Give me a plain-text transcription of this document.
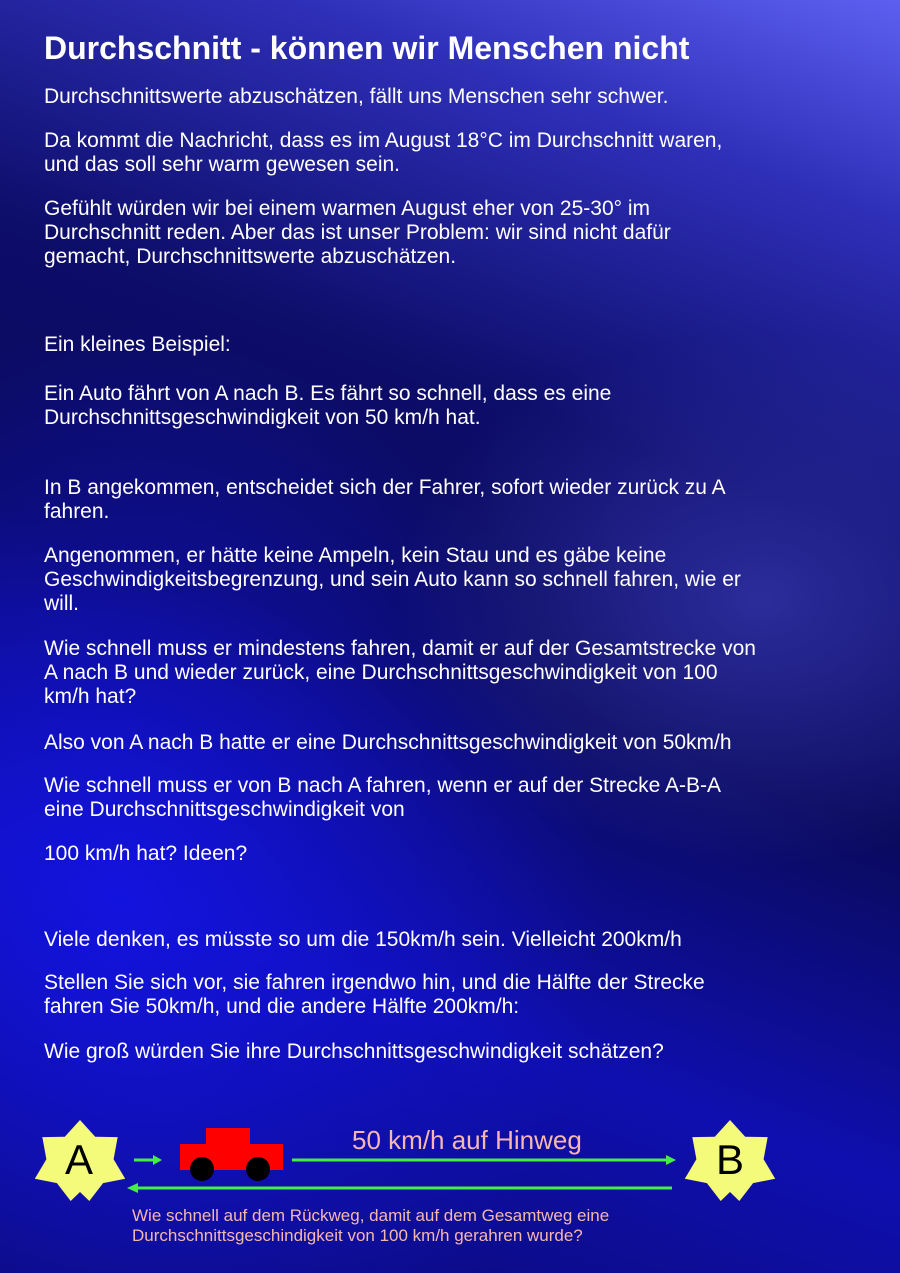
Durchschnitt - können wir Menschen nicht

Durchschnittswerte abzuschätzen, fällt uns Menschen sehr schwer.

Da kommt die Nachricht, dass es im August 18°C im Durchschnitt waren,
und das soll sehr warm gewesen sein.

Gefühlt würden wir bei einem warmen August eher von 25-30° im
Durchschnitt reden. Aber das ist unser Problem: wir sind nicht dafür
gemacht, Durchschnittswerte abzuschätzen.

Ein kleines Beispiel:

Ein Auto fährt von A nach B. Es fährt so schnell, dass es eine
Durchschnittsgeschwindigkeit von 50 km/h hat.

In B angekommen, entscheidet sich der Fahrer, sofort wieder zurück zu A
fahren.

Angenommen, er hätte keine Ampeln, kein Stau und es gäbe keine
Geschwindigkeitsbegrenzung, und sein Auto kann so schnell fahren, wie er
will.

Wie schnell muss er mindestens fahren, damit er auf der Gesamtstrecke von
A nach B und wieder zurück, eine Durchschnittsgeschwindigkeit von 100
km/h hat?

Also von A nach B hatte er eine Durchschnittsgeschwindigkeit von 50km/h

Wie schnell muss er von B nach A fahren, wenn er auf der Strecke A-B-A
eine Durchschnittsgeschwindigkeit von

100 km/h hat? Ideen?

Viele denken, es müsste so um die 150km/h sein. Vielleicht 200km/h

Stellen Sie sich vor, sie fahren irgendwo hin, und die Hälfte der Strecke
fahren Sie 50km/h, und die andere Hälfte 200km/h:

Wie groß würden Sie ihre Durchschnittsgeschwindigkeit schätzen?

A	B
50 km/h auf Hinweg
Wie schnell auf dem Rückweg, damit auf dem Gesamtweg eine
Durchschnittsgeschindigkeit von 100 km/h gerahren wurde?
